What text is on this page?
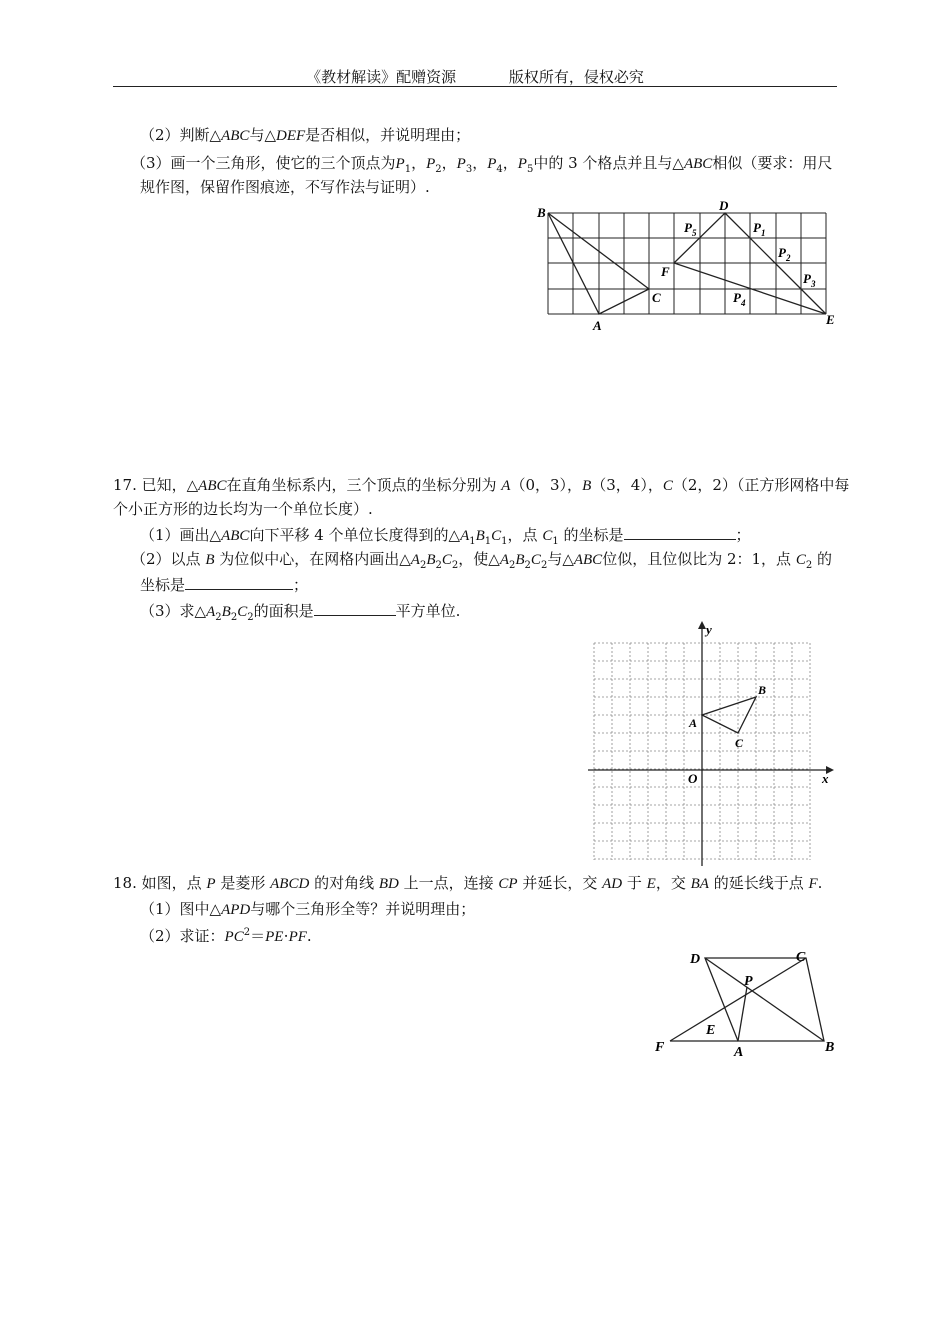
《教材解读》配赠资源	版权所有，侵权必究
（2）判断△ABC与△DEF是否相似，并说明理由；
（3）画一个三角形，使它的三个顶点为$P_1$，$P_2$，$P_3$，$P_4$，$P_5$中的 3 个格点并且与△ABC相似（要求：用尺
规作图，保留作图痕迹，不写作法与证明）.
B
A
C
D
E
F
$P_5$	$P_1$
$P_2$
$P_3$
$P_4$
17. 已知，△ABC在直角坐标系内，三个顶点的坐标分别为 A（0，3），B（3，4），C（2，2）（正方形网格中每
个小正方形的边长均为一个单位长度）.
（1）画出△ABC向下平移 4 个单位长度得到的$\triangle A_1B_1C_1$，点 $C_1$ 的坐标是	；
（2）以点 B 为位似中心，在网格内画出$\triangle A_2B_2C_2$，使$\triangle A_2B_2C_2$与△ABC位似，且位似比为 2：1，点 $C_2$ 的
坐标是	；
（3）求$\triangle A_2B_2C_2$的面积是	平方单位.
y
x
O
A
B
C
18. 如图，点 P 是菱形 ABCD 的对角线 BD 上一点，连接 CP 并延长，交 AD 于 E，交 BA 的延长线于点 F.
（1）图中△APD与哪个三角形全等？并说明理由；
（2）求证：$PC^2=PE\cdot PF$.
D	C
P
E
F	A	B
